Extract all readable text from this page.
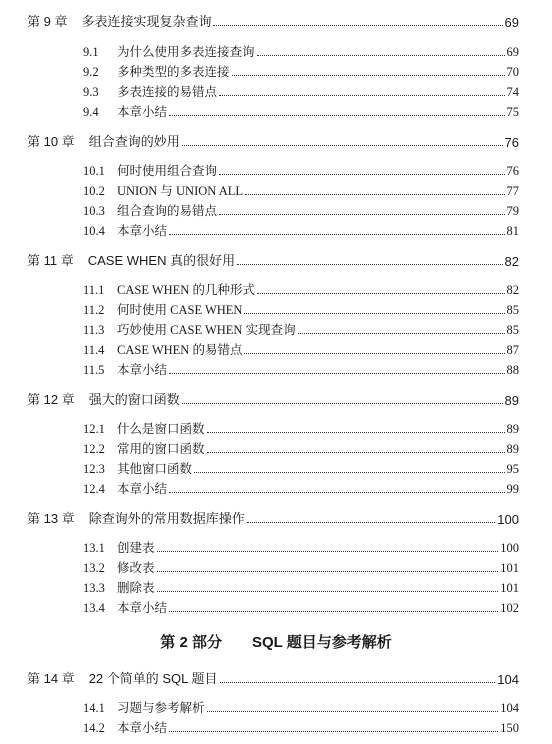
第 9 章 多表连接实现复杂查询	69
9.1	为什么使用多表连接查询	69
9.2	多种类型的多表连接	70
9.3	多表连接的易错点	74
9.4	本章小结	75
第 10 章 组合查询的妙用	76
10.1 何时使用组合查询	76
10.2 UNION 与 UNION ALL	77
10.3 组合查询的易错点	79
10.4 本章小结	81
第 11 章 CASE WHEN 真的很好用	82
11.1	CASE WHEN 的几种形式	82
11.2	何时使用 CASE WHEN	85
11.3	巧妙使用 CASE WHEN 实现查询	85
11.4	CASE WHEN 的易错点	87
11.5	本章小结	88
第 12 章 强大的窗口函数	89
12.1 什么是窗口函数	89
12.2 常用的窗口函数	89
12.3 其他窗口函数	95
12.4 本章小结	99
第 13 章 除查询外的常用数据库操作	100
13.1 创建表	100
13.2 修改表	101
13.3 删除表	101
13.4 本章小结	102
第 2 部分 SQL 题目与参考解析
第 14 章 22 个简单的 SQL 题目	104
14.1 习题与参考解析	104
14.2 本章小结	150
